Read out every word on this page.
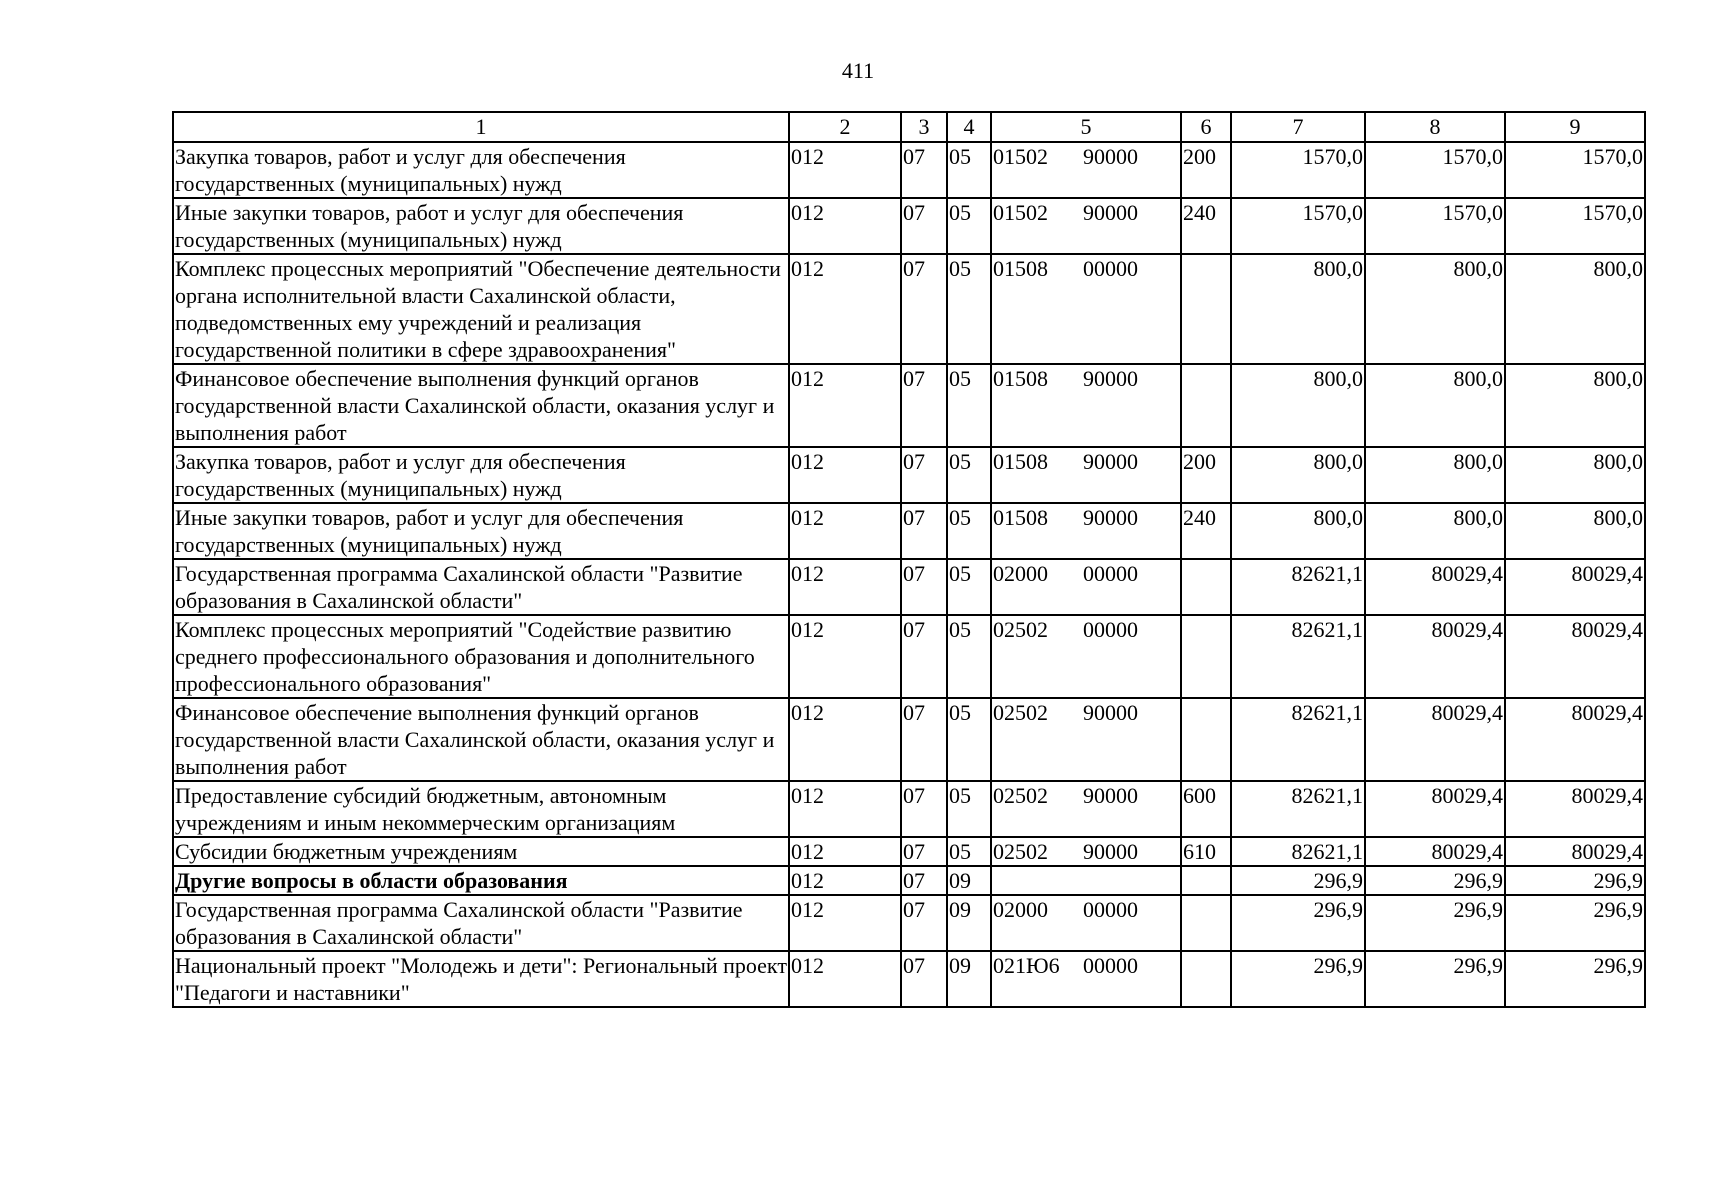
411
1	2	3	4	5	6	7	8	9
Закупка товаров, работ и услуг для обеспечения государственных (муниципальных) нужд	012	07	05	01502 90000	200	1570,0	1570,0	1570,0
Иные закупки товаров, работ и услуг для обеспечения государственных (муниципальных) нужд	012	07	05	01502 90000	240	1570,0	1570,0	1570,0
Комплекс процессных мероприятий "Обеспечение деятельности органа исполнительной власти Сахалинской области, подведомственных ему учреждений и реализация государственной политики в сфере здравоохранения"	012	07	05	01508 00000		800,0	800,0	800,0
Финансовое обеспечение выполнения функций органов государственной власти Сахалинской области, оказания услуг и выполнения работ	012	07	05	01508 90000		800,0	800,0	800,0
Закупка товаров, работ и услуг для обеспечения государственных (муниципальных) нужд	012	07	05	01508 90000	200	800,0	800,0	800,0
Иные закупки товаров, работ и услуг для обеспечения государственных (муниципальных) нужд	012	07	05	01508 90000	240	800,0	800,0	800,0
Государственная программа Сахалинской области "Развитие образования в Сахалинской области"	012	07	05	02000 00000		82621,1	80029,4	80029,4
Комплекс процессных мероприятий "Содействие развитию среднего профессионального образования и дополнительного профессионального образования"	012	07	05	02502 00000		82621,1	80029,4	80029,4
Финансовое обеспечение выполнения функций органов государственной власти Сахалинской области, оказания услуг и выполнения работ	012	07	05	02502 90000		82621,1	80029,4	80029,4
Предоставление субсидий бюджетным, автономным учреждениям и иным некоммерческим организациям	012	07	05	02502 90000	600	82621,1	80029,4	80029,4
Субсидии бюджетным учреждениям	012	07	05	02502 90000	610	82621,1	80029,4	80029,4
Другие вопросы в области образования	012	07	09			296,9	296,9	296,9
Государственная программа Сахалинской области "Развитие образования в Сахалинской области"	012	07	09	02000 00000		296,9	296,9	296,9
Национальный проект "Молодежь и дети": Региональный проект "Педагоги и наставники"	012	07	09	021Ю6 00000		296,9	296,9	296,9
